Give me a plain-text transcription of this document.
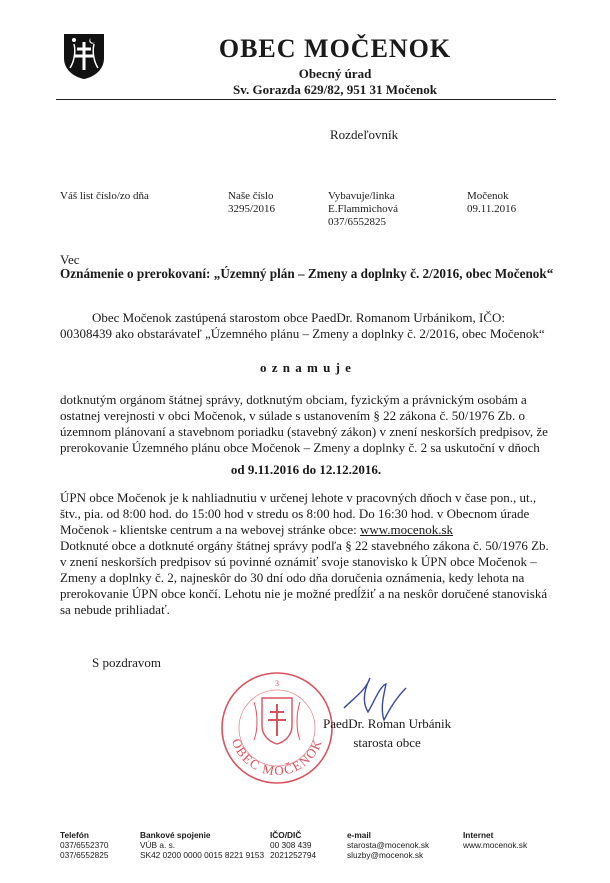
OBEC MOČENOK
Obecný úrad
Sv. Gorazda 629/82, 951 31 Močenok
Rozdeľovník
Váš list číslo/zo dňa	Naše číslo
3295/2016
Vybavuje/linka
E.Flammichová
037/6552825
Močenok
09.11.2016
Vec
Oznámenie o prerokovaní: „Územný plán – Zmeny a doplnky č. 2/2016, obec Močenok“
Obec Močenok zastúpená starostom obce PaedDr. Romanom Urbánikom, IČO:
00308439 ako obstarávateľ „Územného plánu – Zmeny a doplnky č. 2/2016, obec Močenok“
o z n a m u j e
dotknutým orgánom štátnej správy, dotknutým obciam, fyzickým a právnickým osobám a
ostatnej verejnosti v obci Močenok, v súlade s ustanovením § 22 zákona č. 50/1976 Zb. o
územnom plánovaní a stavebnom poriadku (stavebný zákon) v znení neskorších predpisov, že
prerokovanie Územného plánu obce Močenok – Zmeny a doplnky č. 2 sa uskutoční v dňoch
od 9.11.2016 do 12.12.2016.
ÚPN obce Močenok je k nahliadnutiu v určenej lehote v pracovných dňoch v čase pon., ut.,
štv., pia. od 8:00 hod. do 15:00 hod v stredu os 8:00 hod. Do 16:30 hod. v Obecnom úrade
Močenok - klientske centrum a na webovej stránke obce: www.mocenok.sk
Dotknuté obce a dotknuté orgány štátnej správy podľa § 22 stavebného zákona č. 50/1976 Zb.
v znení neskorších predpisov sú povinné oznámiť svoje stanovisko k ÚPN obce Močenok –
Zmeny a doplnky č. 2, najneskôr do 30 dní odo dňa doručenia oznámenia, kedy lehota na
prerokovanie ÚPN obce končí. Lehotu nie je možné predĺžiť a na neskôr doručené stanoviská
sa nebude prihliadať.
S pozdravom
3
OBEC MOČENOK
PaedDr. Roman Urbánik
starosta obce
Telefón
037/6552370
037/6552825
Bankové spojenie
VÚB a. s.
SK42 0200 0000 0015 8221 9153
IČO/DIČ
00 308 439
2021252794
e-mail
starosta@mocenok.sk
sluzby@mocenok.sk
Internet
www.mocenok.sk
